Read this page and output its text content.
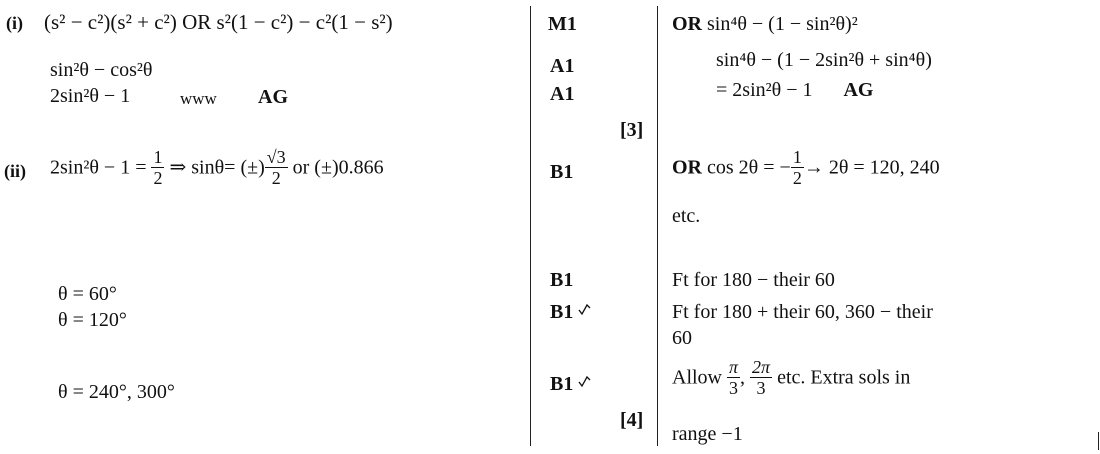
(i) (s² − c²)(s² + c²) OR s²(1 − c²) − c²(1 − s²)
sin²θ − cos²θ
2sin²θ − 1	www AG
(ii) $2\sin^2\theta - 1 = \frac{1}{2}$ ⇒ sinθ= (±) $\frac{√3}{2}$ or (±)0.866
θ = 60°
θ = 120°
θ = 240°, 300°
M1
A1
A1
[3]
B1
B1
B1
B1
[4]
OR sin⁴θ − (1 − sin²θ)²
sin⁴θ − (1 − 2sin²θ + sin⁴θ)
= 2sin²θ − 1 AG
OR cos 2θ = − $\frac{1}{2} \to 2\theta = 120$, 240
etc.
Ft for 180 − their 60
Ft for 180 + their 60, 360 − their
60
Allow $\frac{\pi}{3}$ , $\frac{2\pi}{3}$ etc. Extra sols in
range −1
